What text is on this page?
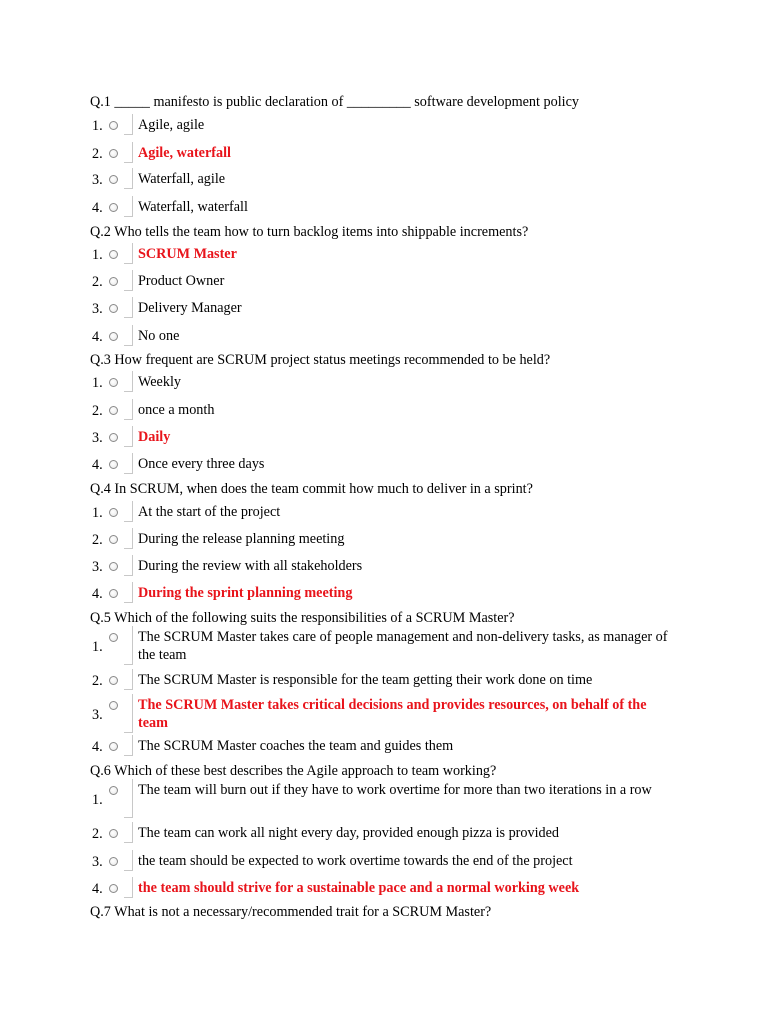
Q.1 _____ manifesto is public declaration of _________ software development policy
1.	Agile, agile
2.	Agile, waterfall
3.	Waterfall, agile
4.	Waterfall, waterfall
Q.2 Who tells the team how to turn backlog items into shippable increments?
1.	SCRUM Master
2.	Product Owner
3.	Delivery Manager
4.	No one
Q.3 How frequent are SCRUM project status meetings recommended to be held?
1.	Weekly
2.	once a month
3.	Daily
4.	Once every three days
Q.4 In SCRUM, when does the team commit how much to deliver in a sprint?
1.	At the start of the project
2.	During the release planning meeting
3.	During the review with all stakeholders
4.	During the sprint planning meeting
Q.5 Which of the following suits the responsibilities of a SCRUM Master?
1.
The SCRUM Master takes care of people management and non-delivery tasks, as manager of the team
2.	The SCRUM Master is responsible for the team getting their work done on time
3.
The SCRUM Master takes critical decisions and provides resources, on behalf of the team
4.	The SCRUM Master coaches the team and guides them
Q.6 Which of these best describes the Agile approach to team working?
1.
The team will burn out if they have to work overtime for more than two iterations in a row
2.	The team can work all night every day, provided enough pizza is provided
3.	the team should be expected to work overtime towards the end of the project
4.	the team should strive for a sustainable pace and a normal working week
Q.7 What is not a necessary/recommended trait for a SCRUM Master?
